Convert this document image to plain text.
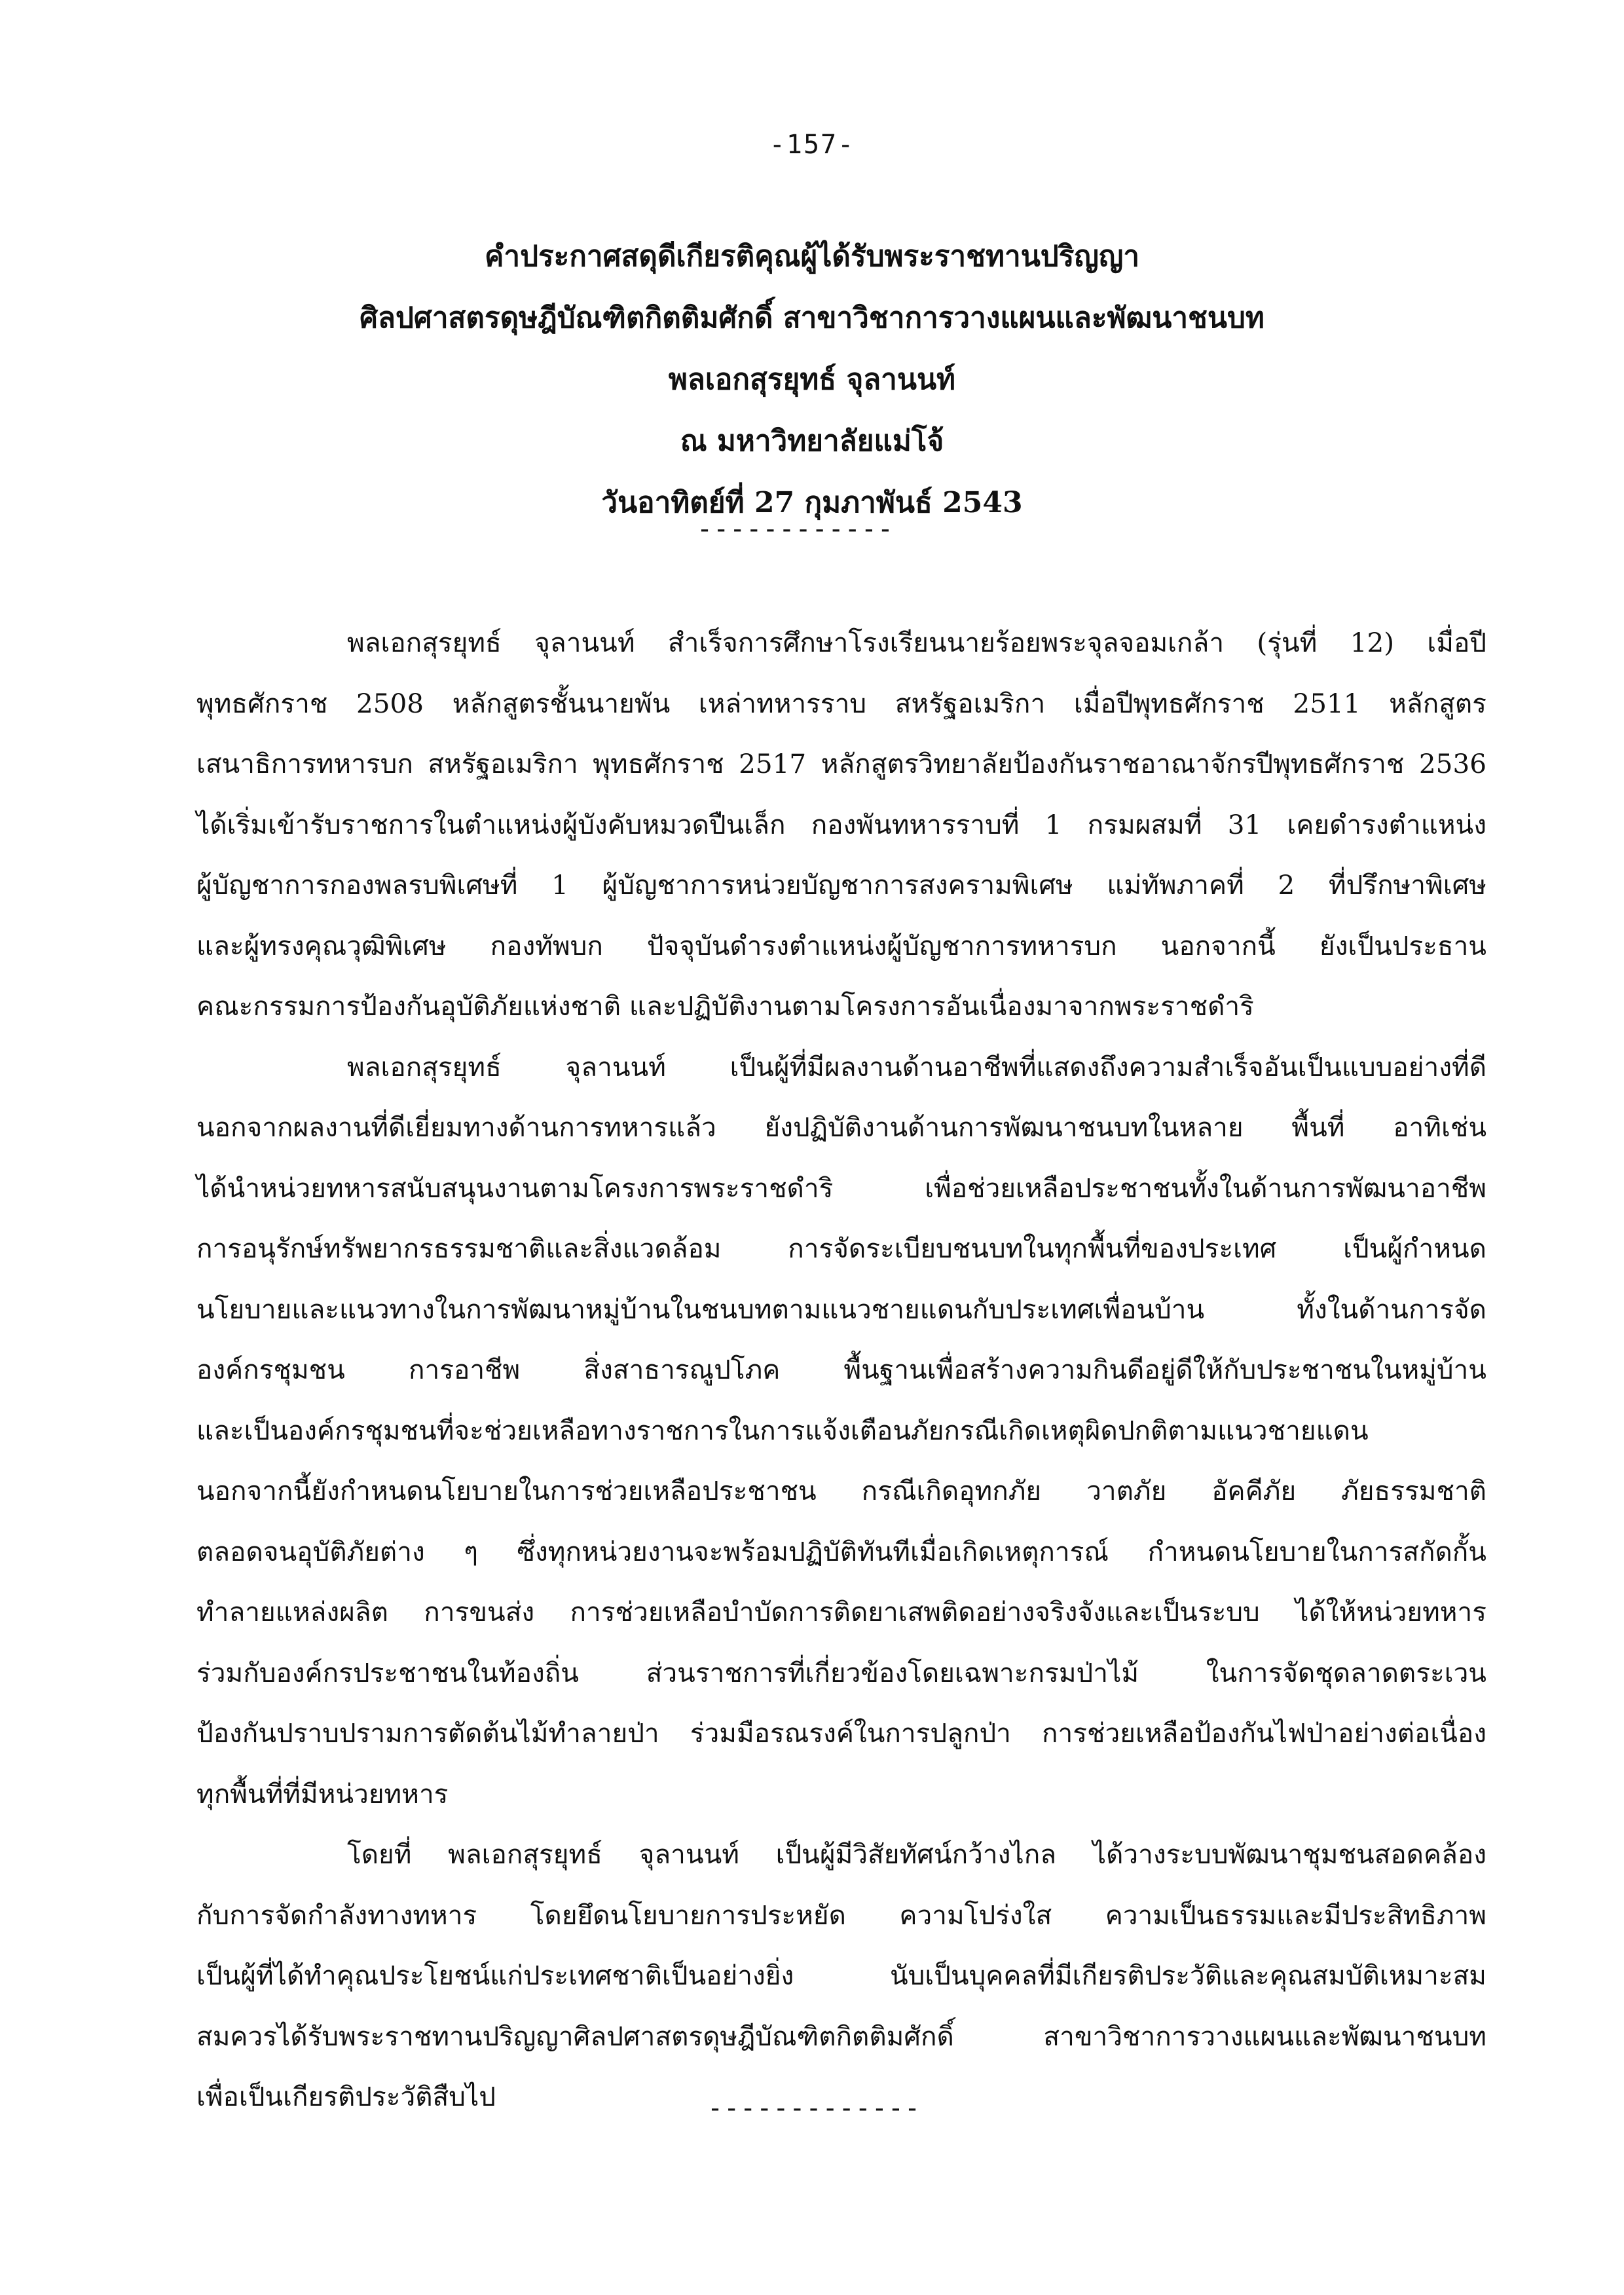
-157-
คำประกาศสดุดีเกียรติคุณผู้ได้รับพระราชทานปริญญา
ศิลปศาสตรดุษฎีบัณฑิตกิตติมศักดิ์ สาขาวิชาการวางแผนและพัฒนาชนบท
พลเอกสุรยุทธ์ จุลานนท์
ณ มหาวิทยาลัยแม่โจ้
วันอาทิตย์ที่ 27 กุมภาพันธ์ 2543
------------

พลเอกสุรยุทธ์ จุลานนท์ สำเร็จการศึกษาโรงเรียนนายร้อยพระจุลจอมเกล้า (รุ่นที่ 12) เมื่อปี
พุทธศักราช 2508 หลักสูตรชั้นนายพัน เหล่าทหารราบ สหรัฐอเมริกา เมื่อปีพุทธศักราช 2511 หลักสูตร
เสนาธิการทหารบก สหรัฐอเมริกา พุทธศักราช 2517 หลักสูตรวิทยาลัยป้องกันราชอาณาจักรปีพุทธศักราช 2536
ได้เริ่มเข้ารับราชการในตำแหน่งผู้บังคับหมวดปืนเล็ก กองพันทหารราบที่ 1 กรมผสมที่ 31 เคยดำรงตำแหน่ง
ผู้บัญชาการกองพลรบพิเศษที่ 1 ผู้บัญชาการหน่วยบัญชาการสงครามพิเศษ แม่ทัพภาคที่ 2 ที่ปรึกษาพิเศษ
และผู้ทรงคุณวุฒิพิเศษ กองทัพบก ปัจจุบันดำรงตำแหน่งผู้บัญชาการทหารบก นอกจากนี้ ยังเป็นประธาน
คณะกรรมการป้องกันอุบัติภัยแห่งชาติ และปฏิบัติงานตามโครงการอันเนื่องมาจากพระราชดำริ

พลเอกสุรยุทธ์ จุลานนท์ เป็นผู้ที่มีผลงานด้านอาชีพที่แสดงถึงความสำเร็จอันเป็นแบบอย่างที่ดี
นอกจากผลงานที่ดีเยี่ยมทางด้านการทหารแล้ว ยังปฏิบัติงานด้านการพัฒนาชนบทในหลาย พื้นที่ อาทิเช่น
ได้นำหน่วยทหารสนับสนุนงานตามโครงการพระราชดำริ เพื่อช่วยเหลือประชาชนทั้งในด้านการพัฒนาอาชีพ
การอนุรักษ์ทรัพยากรธรรมชาติและสิ่งแวดล้อม การจัดระเบียบชนบทในทุกพื้นที่ของประเทศ เป็นผู้กำหนด
นโยบายและแนวทางในการพัฒนาหมู่บ้านในชนบทตามแนวชายแดนกับประเทศเพื่อนบ้าน ทั้งในด้านการจัด
องค์กรชุมชน การอาชีพ สิ่งสาธารณูปโภค พื้นฐานเพื่อสร้างความกินดีอยู่ดีให้กับประชาชนในหมู่บ้าน
และเป็นองค์กรชุมชนที่จะช่วยเหลือทางราชการในการแจ้งเตือนภัยกรณีเกิดเหตุผิดปกติตามแนวชายแดน
นอกจากนี้ยังกำหนดนโยบายในการช่วยเหลือประชาชน กรณีเกิดอุทกภัย วาตภัย อัคคีภัย ภัยธรรมชาติ
ตลอดจนอุบัติภัยต่าง ๆ ซึ่งทุกหน่วยงานจะพร้อมปฏิบัติทันทีเมื่อเกิดเหตุการณ์ กำหนดนโยบายในการสกัดกั้น
ทำลายแหล่งผลิต การขนส่ง การช่วยเหลือบำบัดการติดยาเสพติดอย่างจริงจังและเป็นระบบ ได้ให้หน่วยทหาร
ร่วมกับองค์กรประชาชนในท้องถิ่น ส่วนราชการที่เกี่ยวข้องโดยเฉพาะกรมป่าไม้ ในการจัดชุดลาดตระเวน
ป้องกันปราบปรามการตัดต้นไม้ทำลายป่า ร่วมมือรณรงค์ในการปลูกป่า การช่วยเหลือป้องกันไฟป่าอย่างต่อเนื่อง
ทุกพื้นที่ที่มีหน่วยทหาร

โดยที่ พลเอกสุรยุทธ์ จุลานนท์ เป็นผู้มีวิสัยทัศน์กว้างไกล ได้วางระบบพัฒนาชุมชนสอดคล้อง
กับการจัดกำลังทางทหาร โดยยึดนโยบายการประหยัด ความโปร่งใส ความเป็นธรรมและมีประสิทธิภาพ
เป็นผู้ที่ได้ทำคุณประโยชน์แก่ประเทศชาติเป็นอย่างยิ่ง นับเป็นบุคคลที่มีเกียรติประวัติและคุณสมบัติเหมาะสม
สมควรได้รับพระราชทานปริญญาศิลปศาสตรดุษฎีบัณฑิตกิตติมศักดิ์ สาขาวิชาการวางแผนและพัฒนาชนบท
เพื่อเป็นเกียรติประวัติสืบไป	-------------
